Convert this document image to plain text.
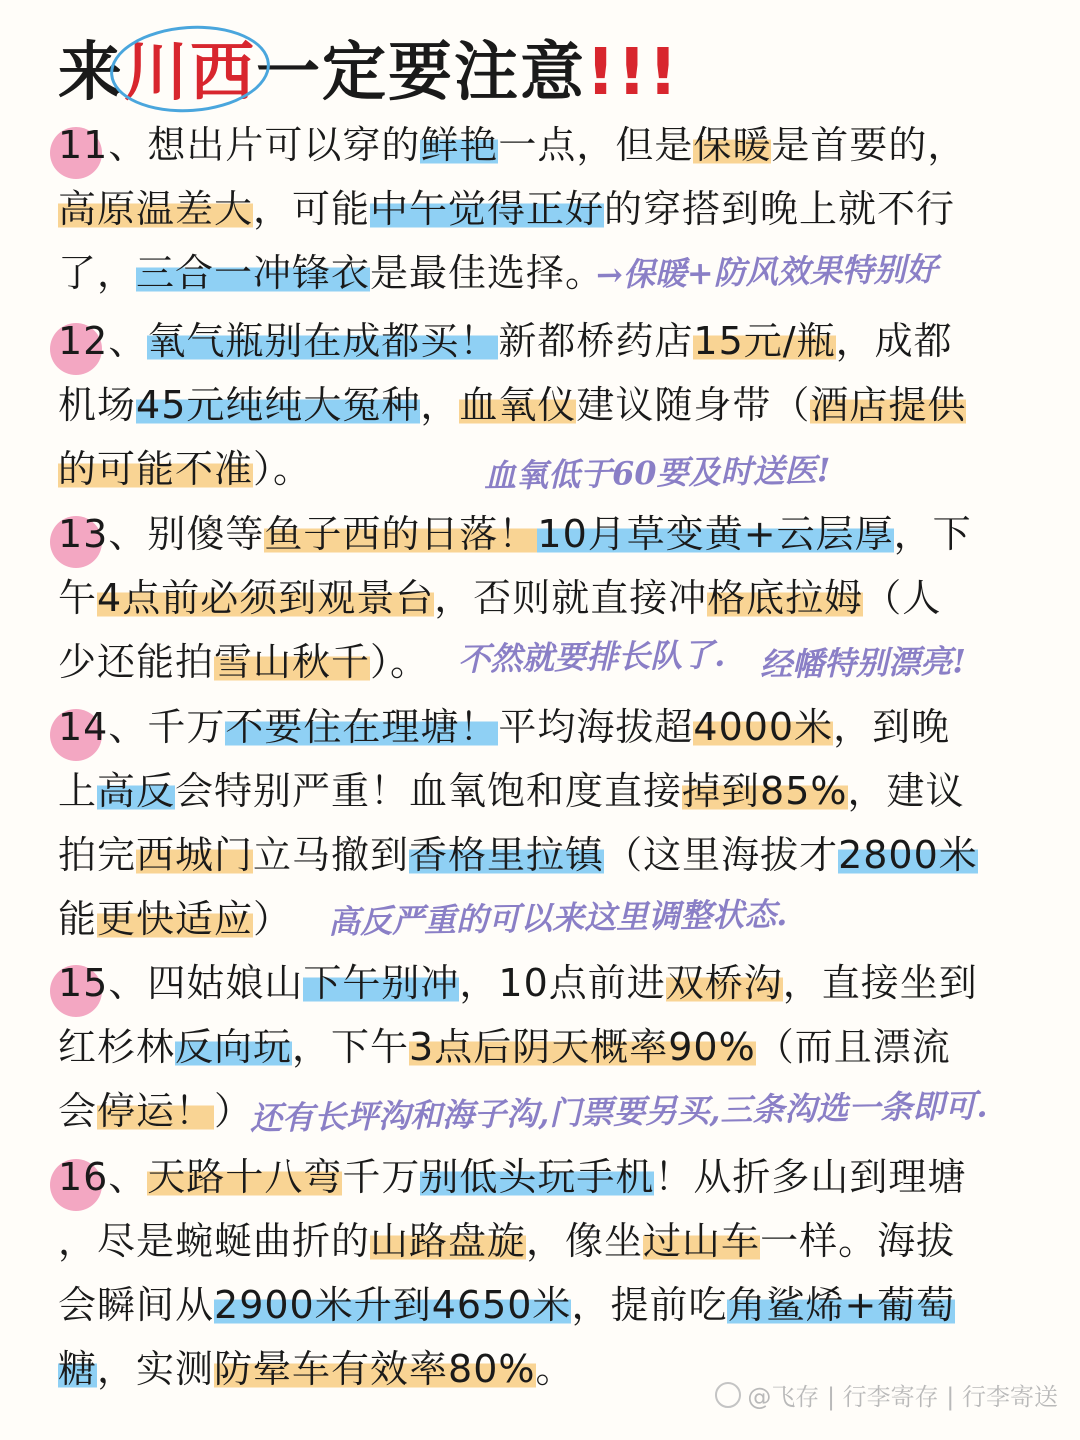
来川西一定要注意!!!
11、想出片可以穿的鲜艳一点，但是保暖是首要的，
高原温差大，可能中午觉得正好的穿搭到晚上就不行
了，三合一冲锋衣是最佳选择。
→保暖+防风效果特别好
12、氧气瓶别在成都买！新都桥药店15元/瓶，成都
机场45元纯纯大冤种，血氧仪建议随身带（酒店提供
的可能不准）。	血氧低于60要及时送医!
13、别傻等鱼子西的日落！10月草变黄+云层厚，下
午4点前必须到观景台，否则就直接冲格底拉姆（人
少还能拍雪山秋千）。 不然就要排长队了. 经幡特别漂亮!
14、千万不要住在理塘！平均海拔超4000米，到晚
上高反会特别严重！血氧饱和度直接掉到85%，建议
拍完西城门立马撤到香格里拉镇（这里海拔才2800米
能更快适应） 高反严重的可以来这里调整状态.
15、四姑娘山下午别冲，10点前进双桥沟，直接坐到
红杉林反向玩，下午3点后阴天概率90%（而且漂流
会停运！）
还有长坪沟和海子沟,门票要另买,三条沟选一条即可.
16、天路十八弯千万别低头玩手机！从折多山到理塘
，尽是蜿蜒曲折的山路盘旋，像坐过山车一样。海拔
会瞬间从2900米升到4650米，提前吃角鲨烯+葡萄
糖，实测防晕车有效率80%。
@飞存 | 行李寄存 | 行李寄送
